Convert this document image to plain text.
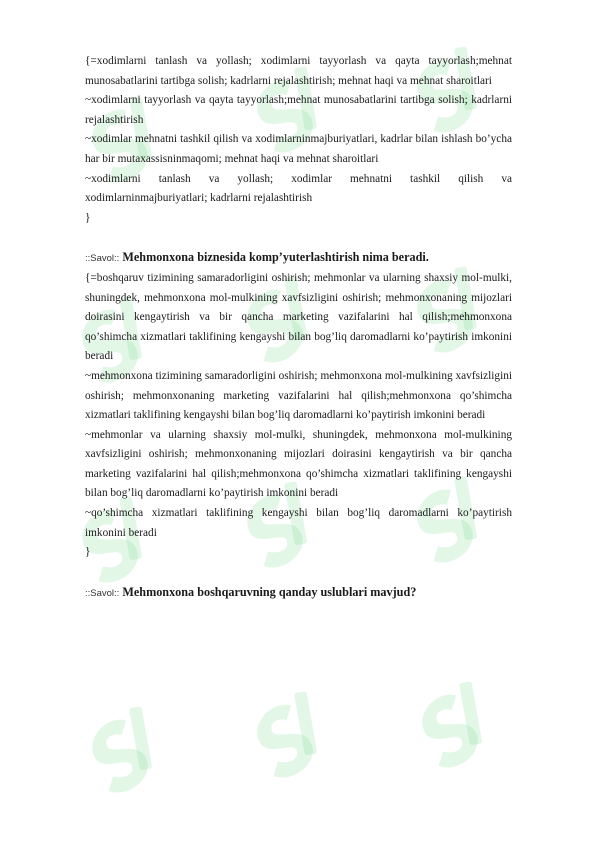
{=xodimlarni tanlash va yollash; xodimlarni tayyorlash va qayta tayyorlash;mehnat munosabatlarini tartibga solish; kadrlarni rejalashtirish; mehnat haqi va mehnat sharoitlari

~xodimlarni tayyorlash va qayta tayyorlash;mehnat munosabatlarini tartibga solish; kadrlarni rejalashtirish

~xodimlar mehnatni tashkil qilish va xodimlarninmajburiyatlari, kadrlar bilan ishlash bo’ycha har bir mutaxassisninmaqomi; mehnat haqi va mehnat sharoitlari

~xodimlarni tanlash va yollash; xodimlar mehnatni tashkil qilish va xodimlarninmajburiyatlari; kadrlarni rejalashtirish

}

::Savol:: Mehmonxona biznesida komp’yuterlashtirish nima beradi.

{=boshqaruv tizimining samaradorligini oshirish; mehmonlar va ularning shaxsiy mol-mulki, shuningdek, mehmonxona mol-mulkining xavfsizligini oshirish; mehmonxonaning mijozlari doirasini kengaytirish va bir qancha marketing vazifalarini hal qilish;mehmonxona qo’shimcha xizmatlari taklifining kengayshi bilan bog’liq daromadlarni ko’paytirish imkonini beradi

~mehmonxona tizimining samaradorligini oshirish; mehmonxona mol-mulkining xavfsizligini oshirish; mehmonxonaning marketing vazifalarini hal qilish;mehmonxona qo’shimcha xizmatlari taklifining kengayshi bilan bog’liq daromadlarni ko’paytirish imkonini beradi

~mehmonlar va ularning shaxsiy mol-mulki, shuningdek, mehmonxona mol-mulkining xavfsizligini oshirish; mehmonxonaning mijozlari doirasini kengaytirish va bir qancha marketing vazifalarini hal qilish;mehmonxona qo’shimcha xizmatlari taklifining kengayshi bilan bog’liq daromadlarni ko’paytirish imkonini beradi

~qo’shimcha xizmatlari taklifining kengayshi bilan bog’liq daromadlarni ko’paytirish imkonini beradi

}

::Savol:: Mehmonxona boshqaruvning qanday uslublari mavjud?
